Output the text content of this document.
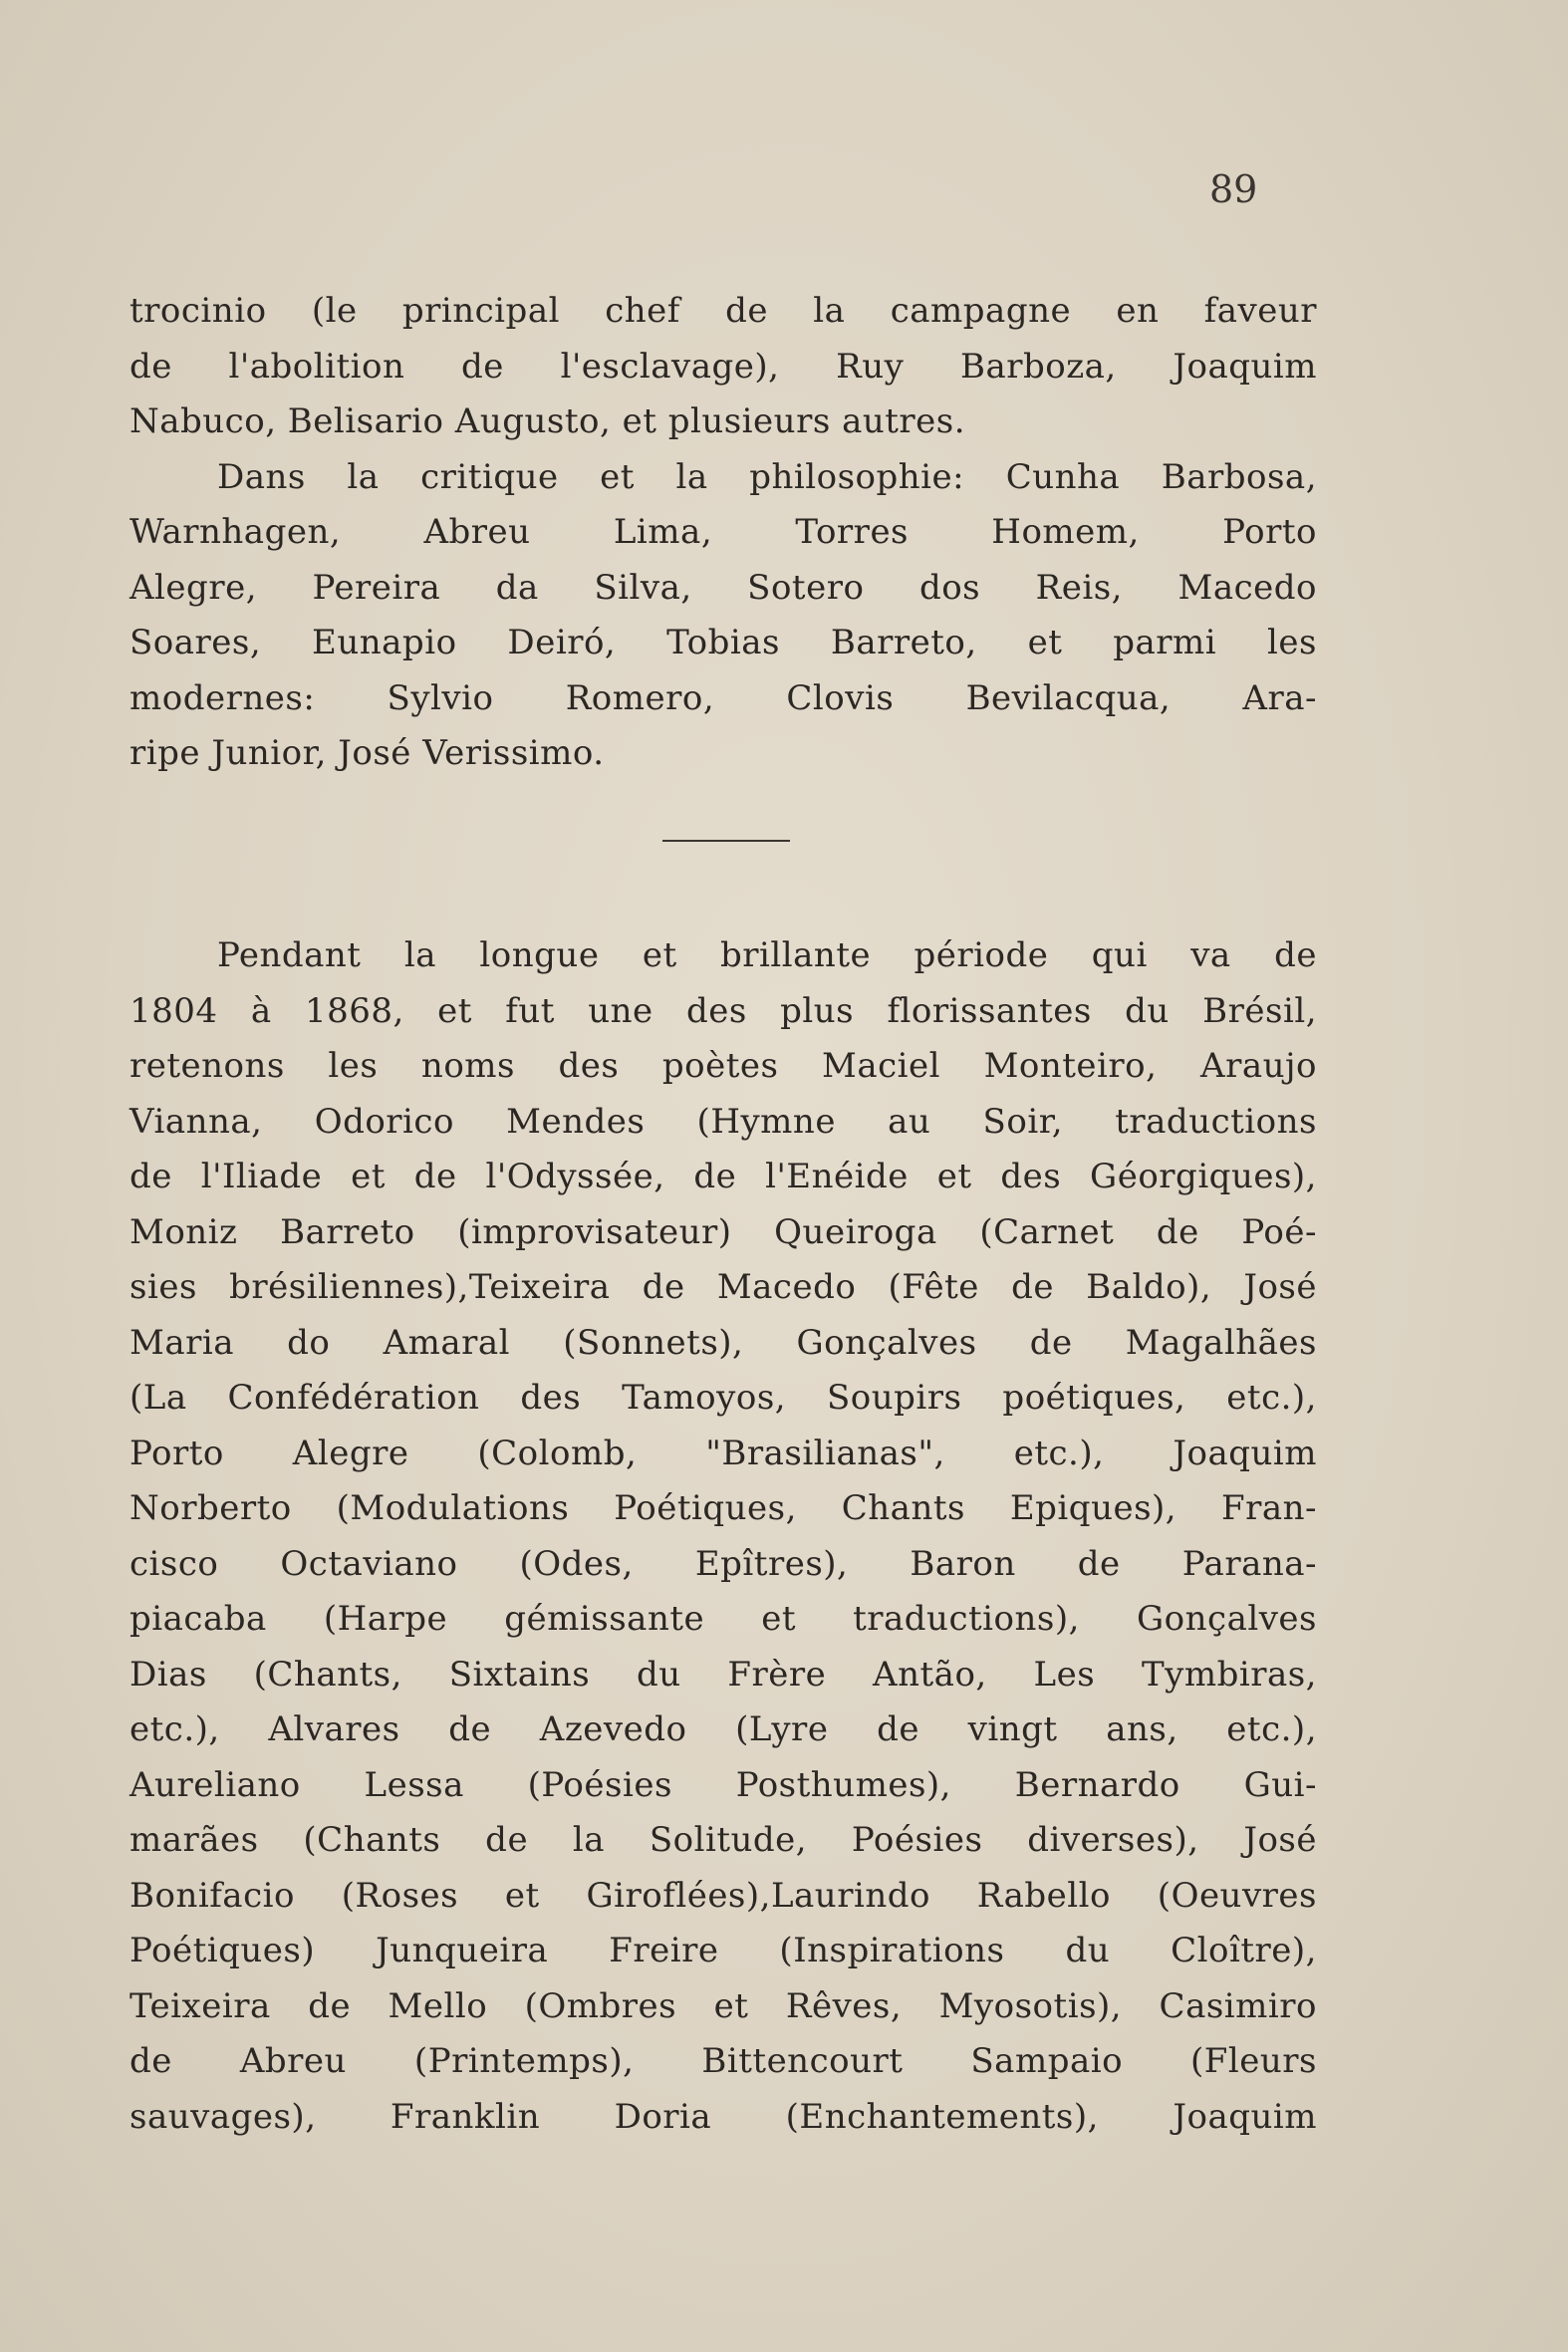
89

trocinio (le principal chef de la campagne en faveur
de l'abolition de l'esclavage), Ruy Barboza, Joaquim
Nabuco, Belisario Augusto, et plusieurs autres.

Dans la critique et la philosophie: Cunha Barbosa,
Warnhagen, Abreu Lima, Torres Homem, Porto
Alegre, Pereira da Silva, Sotero dos Reis, Macedo
Soares, Eunapio Deiró, Tobias Barreto, et parmi les
modernes: Sylvio Romero, Clovis Bevilacqua, Ara-
ripe Junior, José Verissimo.

Pendant la longue et brillante période qui va de
1804 à 1868, et fut une des plus florissantes du Brésil,
retenons les noms des poètes Maciel Monteiro, Araujo
Vianna, Odorico Mendes (Hymne au Soir, traductions
de l'Iliade et de l'Odyssée, de l'Enéide et des Géorgiques),
Moniz Barreto (improvisateur) Queiroga (Carnet de Poé-
sies brésiliennes),Teixeira de Macedo (Fête de Baldo), José
Maria do Amaral (Sonnets), Gonçalves de Magalhães
(La Confédération des Tamoyos, Soupirs poétiques, etc.),
Porto Alegre (Colomb, "Brasilianas", etc.), Joaquim
Norberto (Modulations Poétiques, Chants Epiques), Fran-
cisco Octaviano (Odes, Epîtres), Baron de Parana-
piacaba (Harpe gémissante et traductions), Gonçalves
Dias (Chants, Sixtains du Frère Antão, Les Tymbiras,
etc.), Alvares de Azevedo (Lyre de vingt ans, etc.),
Aureliano Lessa (Poésies Posthumes), Bernardo Gui-
marães (Chants de la Solitude, Poésies diverses), José
Bonifacio (Roses et Giroflées),Laurindo Rabello (Oeuvres
Poétiques) Junqueira Freire (Inspirations du Cloître),
Teixeira de Mello (Ombres et Rêves, Myosotis), Casimiro
de Abreu (Printemps), Bittencourt Sampaio (Fleurs
sauvages), Franklin Doria (Enchantements), Joaquim
